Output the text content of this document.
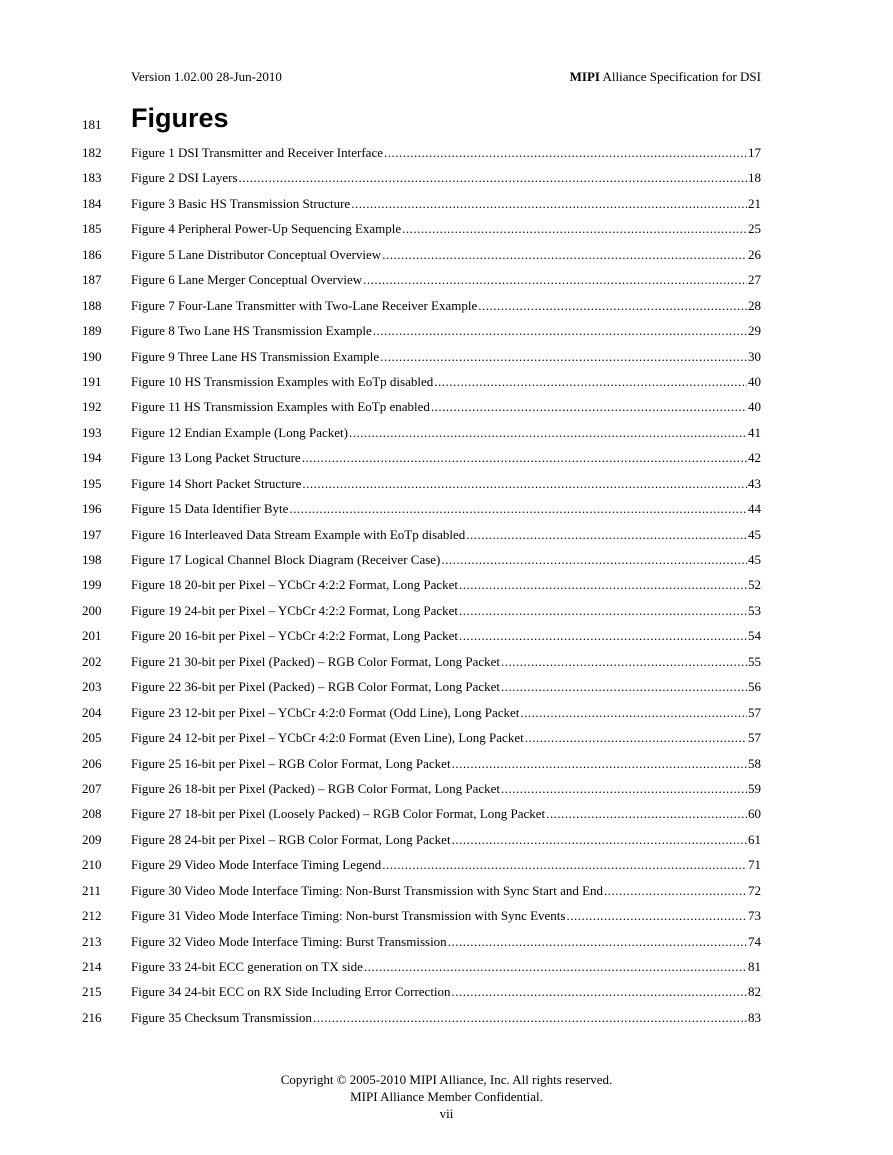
Version 1.02.00 28-Jun-2010	MIPI Alliance Specification for DSI
181 Figures
182 Figure 1 DSI Transmitter and Receiver Interface .....	17
183 Figure 2 DSI Layers .....	18
184 Figure 3 Basic HS Transmission Structure .....	21
185 Figure 4 Peripheral Power-Up Sequencing Example .....	25
186 Figure 5 Lane Distributor Conceptual Overview .....	26
187 Figure 6 Lane Merger Conceptual Overview .....	27
188 Figure 7 Four-Lane Transmitter with Two-Lane Receiver Example .....	28
189 Figure 8 Two Lane HS Transmission Example .....	29
190 Figure 9 Three Lane HS Transmission Example .....	30
191 Figure 10 HS Transmission Examples with EoTp disabled .....	40
192 Figure 11 HS Transmission Examples with EoTp enabled .....	40
193 Figure 12 Endian Example (Long Packet) .....	41
194 Figure 13 Long Packet Structure .....	42
195 Figure 14 Short Packet Structure .....	43
196 Figure 15 Data Identifier Byte .....	44
197 Figure 16 Interleaved Data Stream Example with EoTp disabled .....	45
198 Figure 17 Logical Channel Block Diagram (Receiver Case) .....	45
199 Figure 18 20-bit per Pixel – YCbCr 4:2:2 Format, Long Packet .....	52
200 Figure 19 24-bit per Pixel – YCbCr 4:2:2 Format, Long Packet .....	53
201 Figure 20 16-bit per Pixel – YCbCr 4:2:2 Format, Long Packet .....	54
202 Figure 21 30-bit per Pixel (Packed) – RGB Color Format, Long Packet .....	55
203 Figure 22 36-bit per Pixel (Packed) – RGB Color Format, Long Packet .....	56
204 Figure 23 12-bit per Pixel – YCbCr 4:2:0 Format (Odd Line), Long Packet .....	57
205 Figure 24 12-bit per Pixel – YCbCr 4:2:0 Format (Even Line), Long Packet .....	57
206 Figure 25 16-bit per Pixel – RGB Color Format, Long Packet .....	58
207 Figure 26 18-bit per Pixel (Packed) – RGB Color Format, Long Packet .....	59
208 Figure 27 18-bit per Pixel (Loosely Packed) – RGB Color Format, Long Packet .....	60
209 Figure 28 24-bit per Pixel – RGB Color Format, Long Packet .....	61
210 Figure 29 Video Mode Interface Timing Legend .....	71
211 Figure 30 Video Mode Interface Timing: Non-Burst Transmission with Sync Start and End .....	72
212 Figure 31 Video Mode Interface Timing: Non-burst Transmission with Sync Events .....	73
213 Figure 32 Video Mode Interface Timing: Burst Transmission .....	74
214 Figure 33 24-bit ECC generation on TX side .....	81
215 Figure 34 24-bit ECC on RX Side Including Error Correction .....	82
216 Figure 35 Checksum Transmission .....	83
Copyright © 2005-2010 MIPI Alliance, Inc. All rights reserved.
MIPI Alliance Member Confidential.
vii
